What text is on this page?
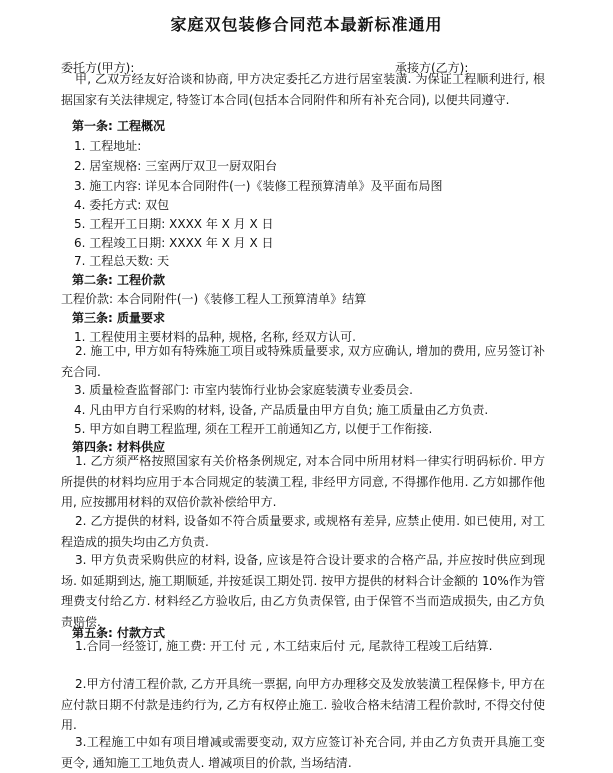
家庭双包装修合同范本最新标准通用
委托方(甲方):	承接方(乙方):
甲, 乙双方经友好洽谈和协商, 甲方决定委托乙方进行居室装潢. 为保证工程顺利进行, 根据国家有关法律规定, 特签订本合同(包括本合同附件和所有补充合同), 以便共同遵守.
第一条: 工程概况
1. 工程地址:
2. 居室规格: 三室两厅双卫一厨双阳台
3. 施工内容: 详见本合同附件(一)《装修工程预算清单》及平面布局图
4. 委托方式: 双包
5. 工程开工日期: XXXX 年 X 月 X 日
6. 工程竣工日期: XXXX 年 X 月 X 日
7. 工程总天数: 天
第二条: 工程价款
工程价款: 本合同附件(一)《装修工程人工预算清单》结算
第三条: 质量要求
1. 工程使用主要材料的品种, 规格, 名称, 经双方认可.
2. 施工中, 甲方如有特殊施工项目或特殊质量要求, 双方应确认, 增加的费用, 应另签订补充合同.
3. 质量检查监督部门: 市室内装饰行业协会家庭装潢专业委员会.
4. 凡由甲方自行采购的材料, 设备, 产品质量由甲方自负; 施工质量由乙方负责.
5. 甲方如自聘工程监理, 须在工程开工前通知乙方, 以便于工作衔接.
第四条: 材料供应
1. 乙方须严格按照国家有关价格条例规定, 对本合同中所用材料一律实行明码标价. 甲方所提供的材料均应用于本合同规定的装潢工程, 非经甲方同意, 不得挪作他用. 乙方如挪作他用, 应按挪用材料的双倍价款补偿给甲方.
2. 乙方提供的材料, 设备如不符合质量要求, 或规格有差异, 应禁止使用. 如已使用, 对工程造成的损失均由乙方负责.
3. 甲方负责采购供应的材料, 设备, 应该是符合设计要求的合格产品, 并应按时供应到现场. 如延期到达, 施工期顺延, 并按延误工期处罚. 按甲方提供的材料合计金额的 10%作为管理费支付给乙方. 材料经乙方验收后, 由乙方负责保管, 由于保管不当而造成损失, 由乙方负责赔偿.
第五条: 付款方式
1.合同一经签订, 施工费: 开工付 元 , 木工结束后付 元, 尾款待工程竣工后结算.
2.甲方付清工程价款, 乙方开具统一票据, 向甲方办理移交及发放装潢工程保修卡, 甲方在应付款日期不付款是违约行为, 乙方有权停止施工. 验收合格未结清工程价款时, 不得交付使用.
3.工程施工中如有项目增减或需要变动, 双方应签订补充合同, 并由乙方负责开具施工变更令, 通知施工工地负责人. 增减项目的价款, 当场结清.
